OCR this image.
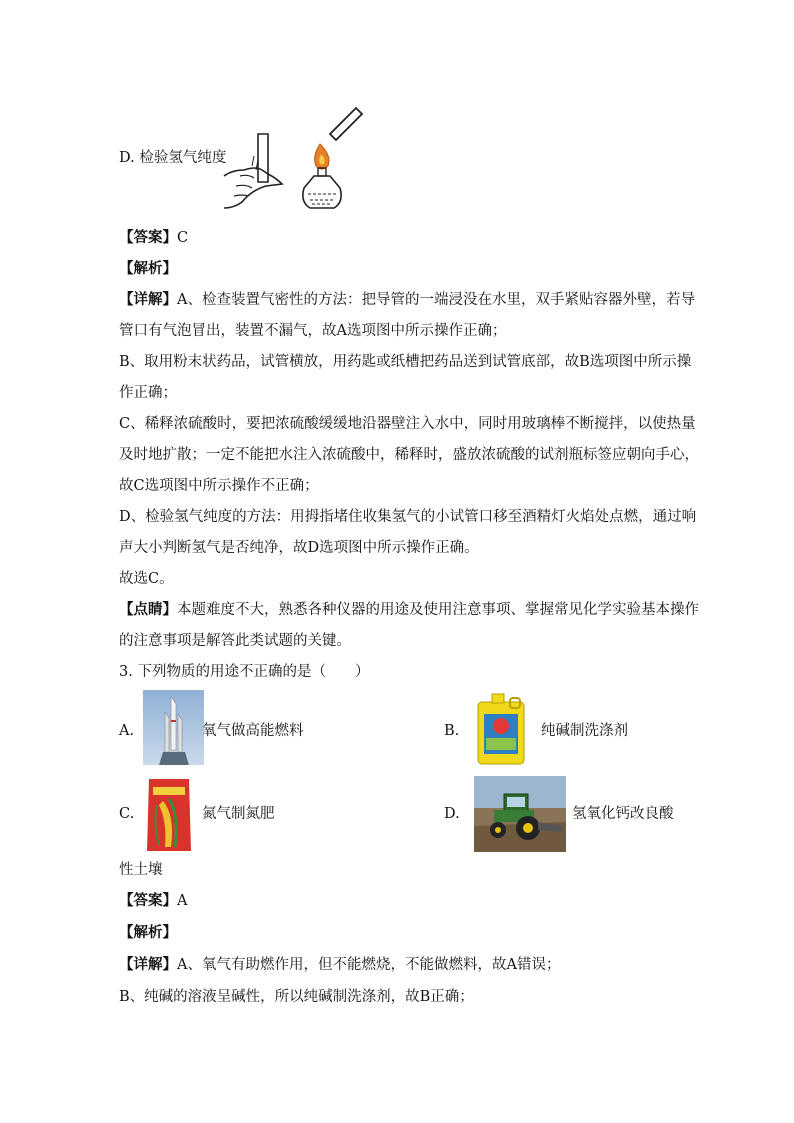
D. 检验氢气纯度
【答案】C
【解析】
【详解】A、检查装置气密性的方法：把导管的一端浸没在水里，双手紧贴容器外壁，若导
管口有气泡冒出，装置不漏气，故A选项图中所示操作正确；
B、取用粉末状药品，试管横放，用药匙或纸槽把药品送到试管底部，故B选项图中所示操
作正确；
C、稀释浓硫酸时，要把浓硫酸缓缓地沿器壁注入水中，同时用玻璃棒不断搅拌，以使热量
及时地扩散；一定不能把水注入浓硫酸中，稀释时，盛放浓硫酸的试剂瓶标签应朝向手心，
故C选项图中所示操作不正确；
D、检验氢气纯度的方法：用拇指堵住收集氢气的小试管口移至酒精灯火焰处点燃，通过响
声大小判断氢气是否纯净，故D选项图中所示操作正确。
故选C。
【点睛】本题难度不大，熟悉各种仪器的用途及使用注意事项、掌握常见化学实验基本操作
的注意事项是解答此类试题的关键。
3. 下列物质的用途不正确的是（　　）
A.	氧气做高能燃料	B.	纯碱制洗涤剂
C.	氮气制氮肥	D.	氢氧化钙改良酸
性土壤
【答案】A
【解析】
【详解】A、氧气有助燃作用，但不能燃烧，不能做燃料，故A错误；
B、纯碱的溶液呈碱性，所以纯碱制洗涤剂，故B正确；
